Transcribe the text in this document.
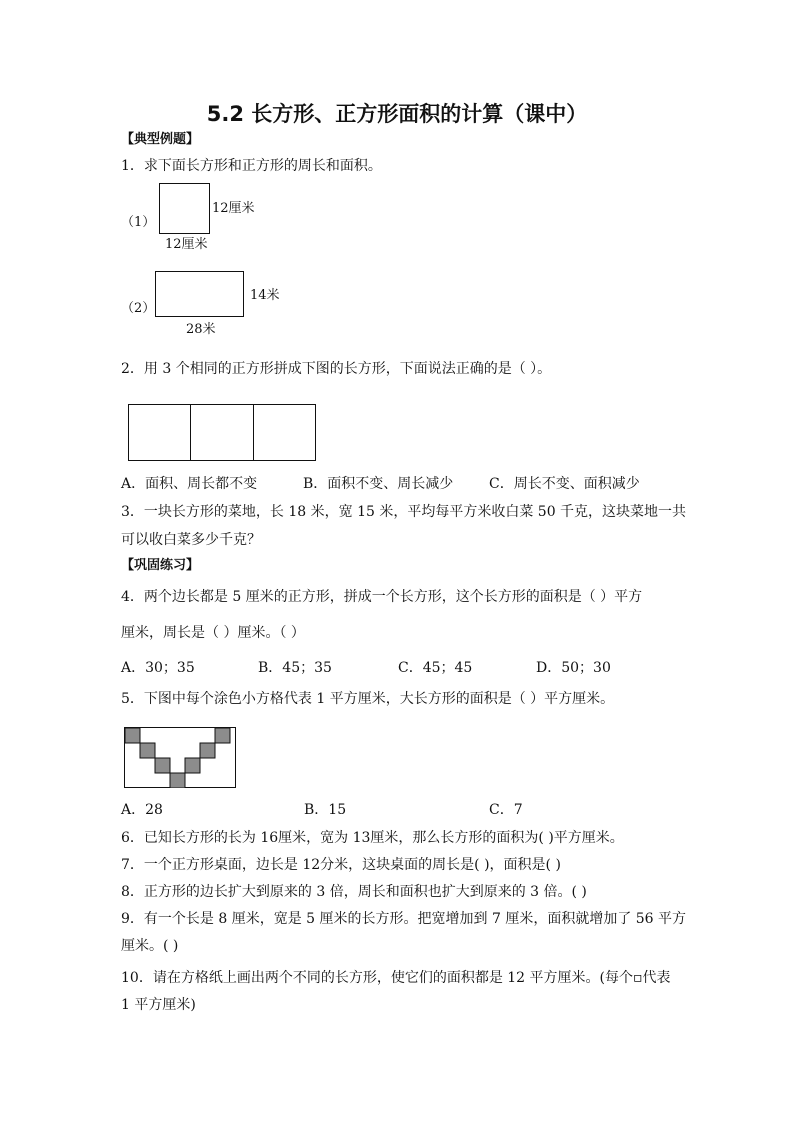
5.2 长方形、正方形面积的计算（课中）
【典型例题】
1．求下面长方形和正方形的周长和面积。
（1）
12厘米
12厘米
（2）
14米
28米
2．用 3 个相同的正方形拼成下图的长方形，下面说法正确的是（ ）。
A．面积、周长都不变	B．面积不变、周长减少	C．周长不变、面积减少
3．一块长方形的菜地，长 18 米，宽 15 米，平均每平方米收白菜 50 千克，这块菜地一共
可以收白菜多少千克？
【巩固练习】
4．两个边长都是 5 厘米的正方形，拼成一个长方形，这个长方形的面积是（ ）平方
厘米，周长是（ ）厘米。（ ）
A．30；35	B．45；35	C．45；45	D．50；30
5．下图中每个涂色小方格代表 1 平方厘米，大长方形的面积是（ ）平方厘米。
A．28	B．15	C．7
6．已知长方形的长为 16厘米，宽为 13厘米，那么长方形的面积为( )平方厘米。
7．一个正方形桌面，边长是 12分米，这块桌面的周长是( )，面积是( )
8．正方形的边长扩大到原来的 3 倍，周长和面积也扩大到原来的 3 倍。( )
9．有一个长是 8 厘米，宽是 5 厘米的长方形。把宽增加到 7 厘米，面积就增加了 56 平方
厘米。( )
10．请在方格纸上画出两个不同的长方形，使它们的面积都是 12 平方厘米。(每个▫代表
1 平方厘米)
